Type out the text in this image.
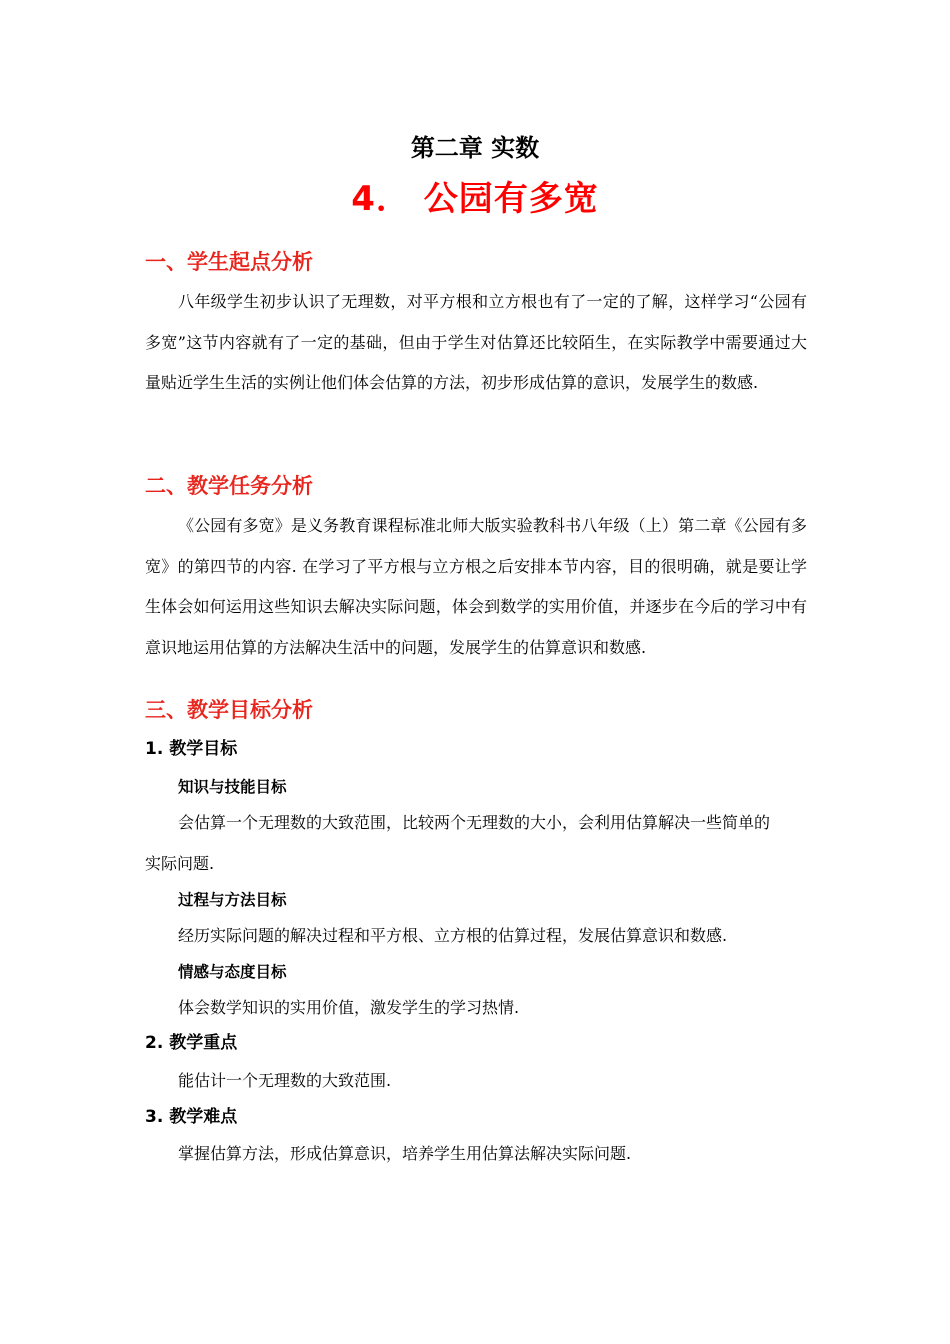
第二章 实数
4． 公园有多宽
一、学生起点分析
八年级学生初步认识了无理数，对平方根和立方根也有了一定的了解，这样学习“公园有多宽”这节内容就有了一定的基础，但由于学生对估算还比较陌生，在实际教学中需要通过大量贴近学生生活的实例让他们体会估算的方法，初步形成估算的意识，发展学生的数感.
二、教学任务分析
《公园有多宽》是义务教育课程标准北师大版实验教科书八年级（上）第二章《公园有多宽》的第四节的内容. 在学习了平方根与立方根之后安排本节内容，目的很明确，就是要让学生体会如何运用这些知识去解决实际问题，体会到数学的实用价值，并逐步在今后的学习中有意识地运用估算的方法解决生活中的问题，发展学生的估算意识和数感.
三、教学目标分析
1. 教学目标
知识与技能目标
会估算一个无理数的大致范围，比较两个无理数的大小，会利用估算解决一些简单的
实际问题.
过程与方法目标
经历实际问题的解决过程和平方根、立方根的估算过程，发展估算意识和数感.
情感与态度目标
体会数学知识的实用价值，激发学生的学习热情.
2. 教学重点
能估计一个无理数的大致范围.
3. 教学难点
掌握估算方法，形成估算意识，培养学生用估算法解决实际问题.
